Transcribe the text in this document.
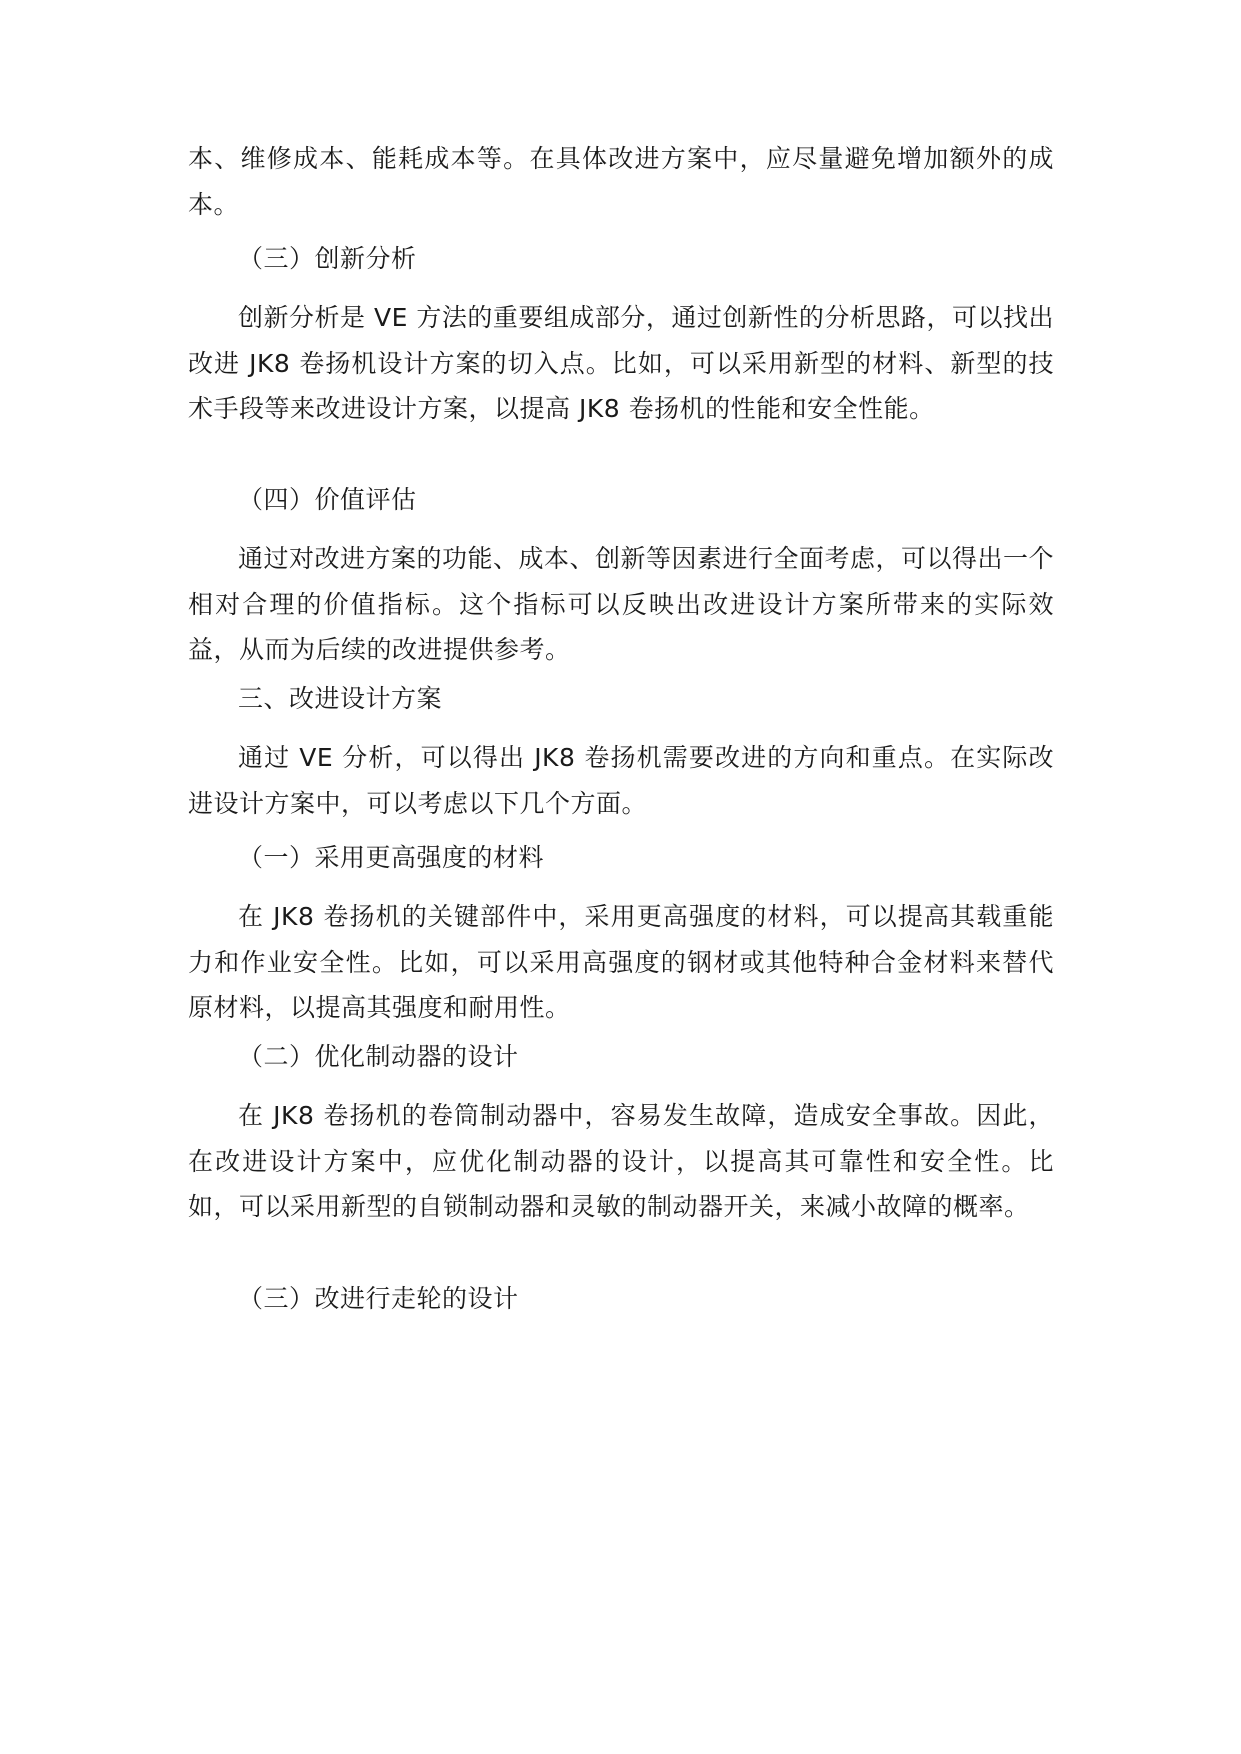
本、维修成本、能耗成本等。在具体改进方案中，应尽量避免增加额外的成本。

（三）创新分析

创新分析是 VE 方法的重要组成部分，通过创新性的分析思路，可以找出改进 JK8 卷扬机设计方案的切入点。比如，可以采用新型的材料、新型的技术手段等来改进设计方案，以提高 JK8 卷扬机的性能和安全性能。

（四）价值评估

通过对改进方案的功能、成本、创新等因素进行全面考虑，可以得出一个相对合理的价值指标。这个指标可以反映出改进设计方案所带来的实际效益，从而为后续的改进提供参考。

三、改进设计方案

通过 VE 分析，可以得出 JK8 卷扬机需要改进的方向和重点。在实际改进设计方案中，可以考虑以下几个方面。

（一）采用更高强度的材料

在 JK8 卷扬机的关键部件中，采用更高强度的材料，可以提高其载重能力和作业安全性。比如，可以采用高强度的钢材或其他特种合金材料来替代原材料，以提高其强度和耐用性。

（二）优化制动器的设计

在 JK8 卷扬机的卷筒制动器中，容易发生故障，造成安全事故。因此，在改进设计方案中，应优化制动器的设计，以提高其可靠性和安全性。比如，可以采用新型的自锁制动器和灵敏的制动器开关，来减小故障的概率。

（三）改进行走轮的设计
